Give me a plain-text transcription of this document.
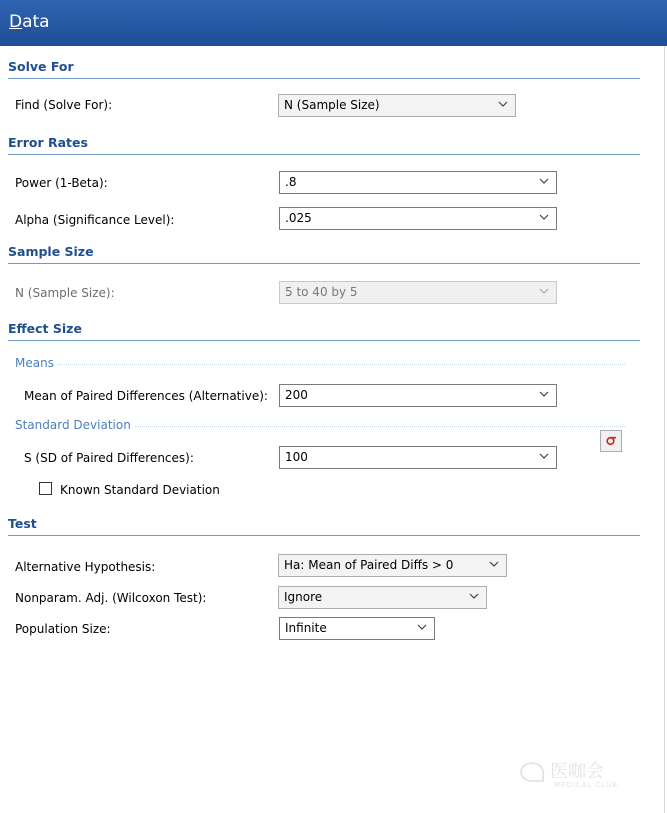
Data
Solve For
Find (Solve For):	N (Sample Size)
Error Rates
Power (1-Beta):	.8
Alpha (Significance Level):	.025
Sample Size
N (Sample Size):	5 to 40 by 5
Effect Size
Means
Mean of Paired Differences (Alternative):	200
Standard Deviation
S (SD of Paired Differences):	100
Known Standard Deviation
Test
Alternative Hypothesis:	Ha: Mean of Paired Diffs > 0
Nonparam. Adj. (Wilcoxon Test):	Ignore
Population Size:	Infinite
医咖会
MEDICAL CLUB
